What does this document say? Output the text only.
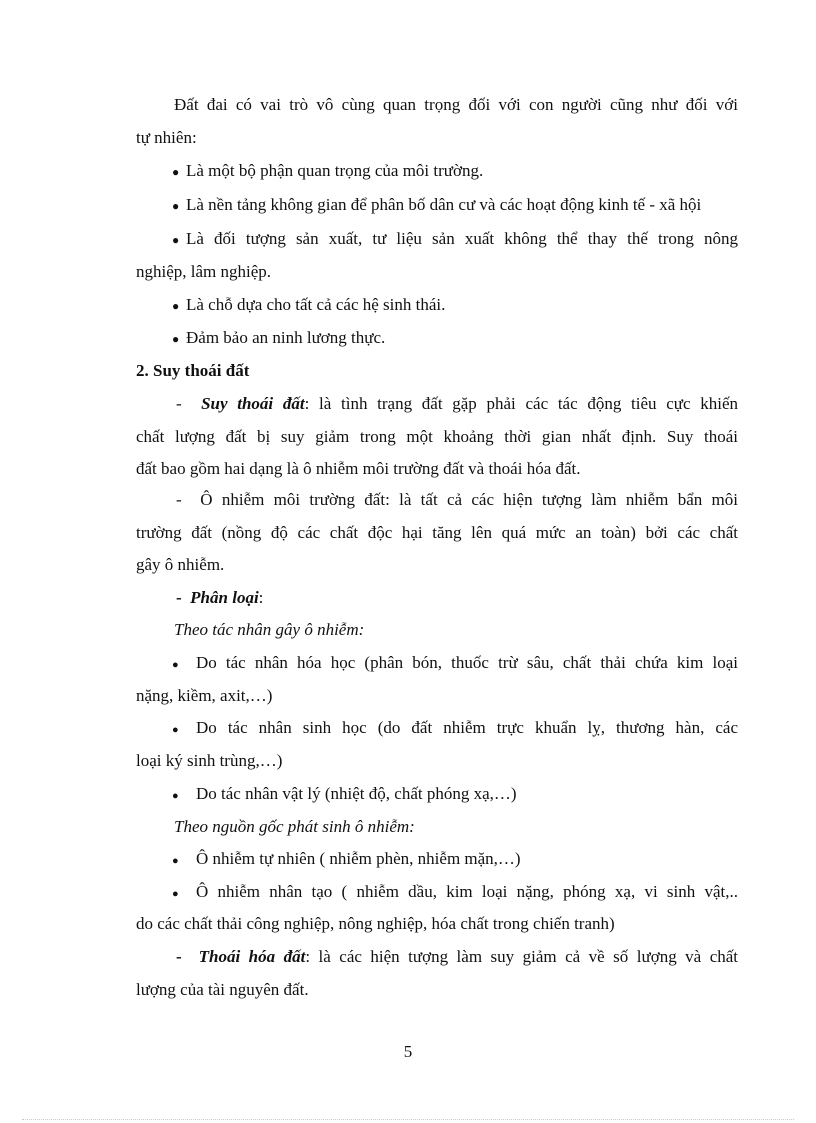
Đất đai có vai trò vô cùng quan trọng đối với con người cũng như đối với
tự nhiên:
● Là một bộ phận quan trọng của môi trường.
● Là nền tảng không gian để phân bố dân cư và các hoạt động kinh tế - xã hội
● Là đối tượng sản xuất, tư liệu sản xuất không thể thay thế trong nông
nghiệp, lâm nghiệp.
● Là chỗ dựa cho tất cả các hệ sinh thái.
● Đảm bảo an ninh lương thực.
2. Suy thoái đất
- Suy thoái đất: là tình trạng đất gặp phải các tác động tiêu cực khiến
chất lượng đất bị suy giảm trong một khoảng thời gian nhất định. Suy thoái
đất bao gồm hai dạng là ô nhiễm môi trường đất và thoái hóa đất.
- Ô nhiễm môi trường đất: là tất cả các hiện tượng làm nhiễm bẩn môi
trường đất (nồng độ các chất độc hại tăng lên quá mức an toàn) bởi các chất
gây ô nhiễm.
- Phân loại:
Theo tác nhân gây ô nhiễm:
● Do tác nhân hóa học (phân bón, thuốc trừ sâu, chất thải chứa kim loại
nặng, kiềm, axit,…)
● Do tác nhân sinh học (do đất nhiễm trực khuẩn lỵ, thương hàn, các
loại ký sinh trùng,…)
● Do tác nhân vật lý (nhiệt độ, chất phóng xạ,…)
Theo nguồn gốc phát sinh ô nhiễm:
● Ô nhiễm tự nhiên ( nhiễm phèn, nhiễm mặn,…)
● Ô nhiễm nhân tạo ( nhiễm dầu, kim loại nặng, phóng xạ, vi sinh vật,..
do các chất thải công nghiệp, nông nghiệp, hóa chất trong chiến tranh)
- Thoái hóa đất: là các hiện tượng làm suy giảm cả về số lượng và chất
lượng của tài nguyên đất.
5
